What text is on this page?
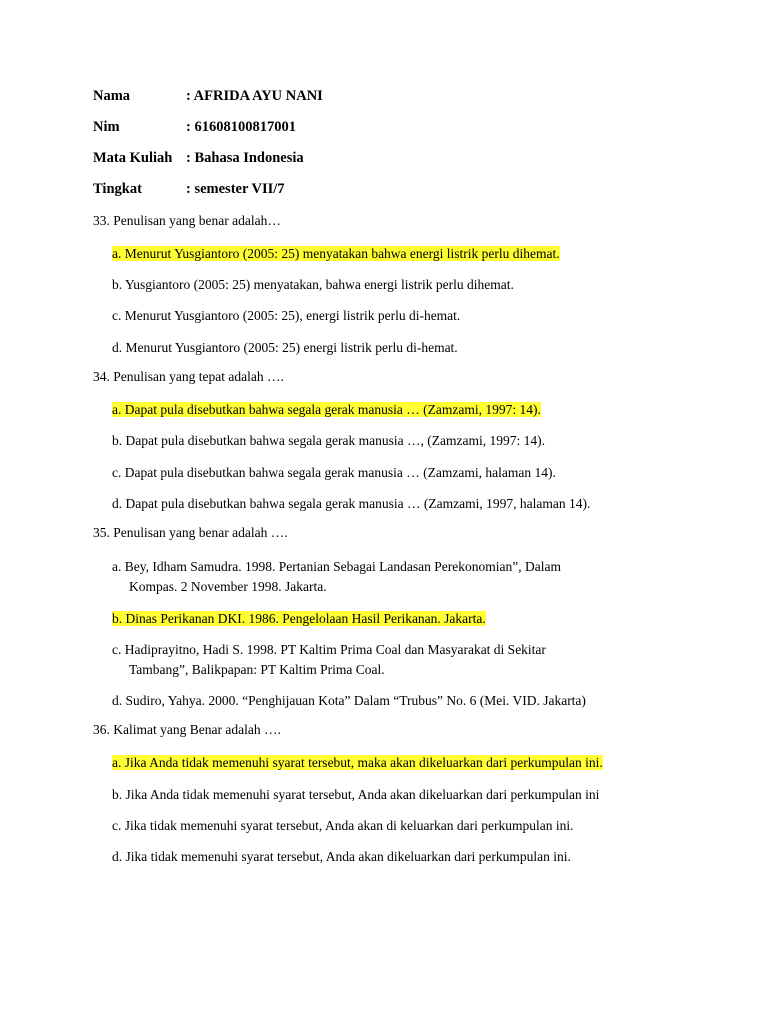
Nama	: AFRIDA AYU NANI
Nim	: 61608100817001
Mata Kuliah : Bahasa Indonesia
Tingkat	: semester VII/7
33. Penulisan yang benar adalah…
a. Menurut Yusgiantoro (2005: 25) menyatakan bahwa energi listrik perlu dihemat.
b. Yusgiantoro (2005: 25) menyatakan, bahwa energi listrik perlu dihemat.
c. Menurut Yusgiantoro (2005: 25), energi listrik perlu di-hemat.
d. Menurut Yusgiantoro (2005: 25) energi listrik perlu di-hemat.
34. Penulisan yang tepat adalah ….
a. Dapat pula disebutkan bahwa segala gerak manusia … (Zamzami, 1997: 14).
b. Dapat pula disebutkan bahwa segala gerak manusia …, (Zamzami, 1997: 14).
c. Dapat pula disebutkan bahwa segala gerak manusia … (Zamzami, halaman 14).
d. Dapat pula disebutkan bahwa segala gerak manusia … (Zamzami, 1997, halaman 14).
35. Penulisan yang benar adalah ….
a. Bey, Idham Samudra. 1998. Pertanian Sebagai Landasan Perekonomian”, Dalam
Kompas. 2 November 1998. Jakarta.
b. Dinas Perikanan DKI. 1986. Pengelolaan Hasil Perikanan. Jakarta.
c. Hadiprayitno, Hadi S. 1998. PT Kaltim Prima Coal dan Masyarakat di Sekitar
Tambang”, Balikpapan: PT Kaltim Prima Coal.
d. Sudiro, Yahya. 2000. “Penghijauan Kota” Dalam “Trubus” No. 6 (Mei. VID. Jakarta)
36. Kalimat yang Benar adalah ….
a. Jika Anda tidak memenuhi syarat tersebut, maka akan dikeluarkan dari perkumpulan ini.
b. Jika Anda tidak memenuhi syarat tersebut, Anda akan dikeluarkan dari perkumpulan ini
c. Jika tidak memenuhi syarat tersebut, Anda akan di keluarkan dari perkumpulan ini.
d. Jika tidak memenuhi syarat tersebut, Anda akan dikeluarkan dari perkumpulan ini.
